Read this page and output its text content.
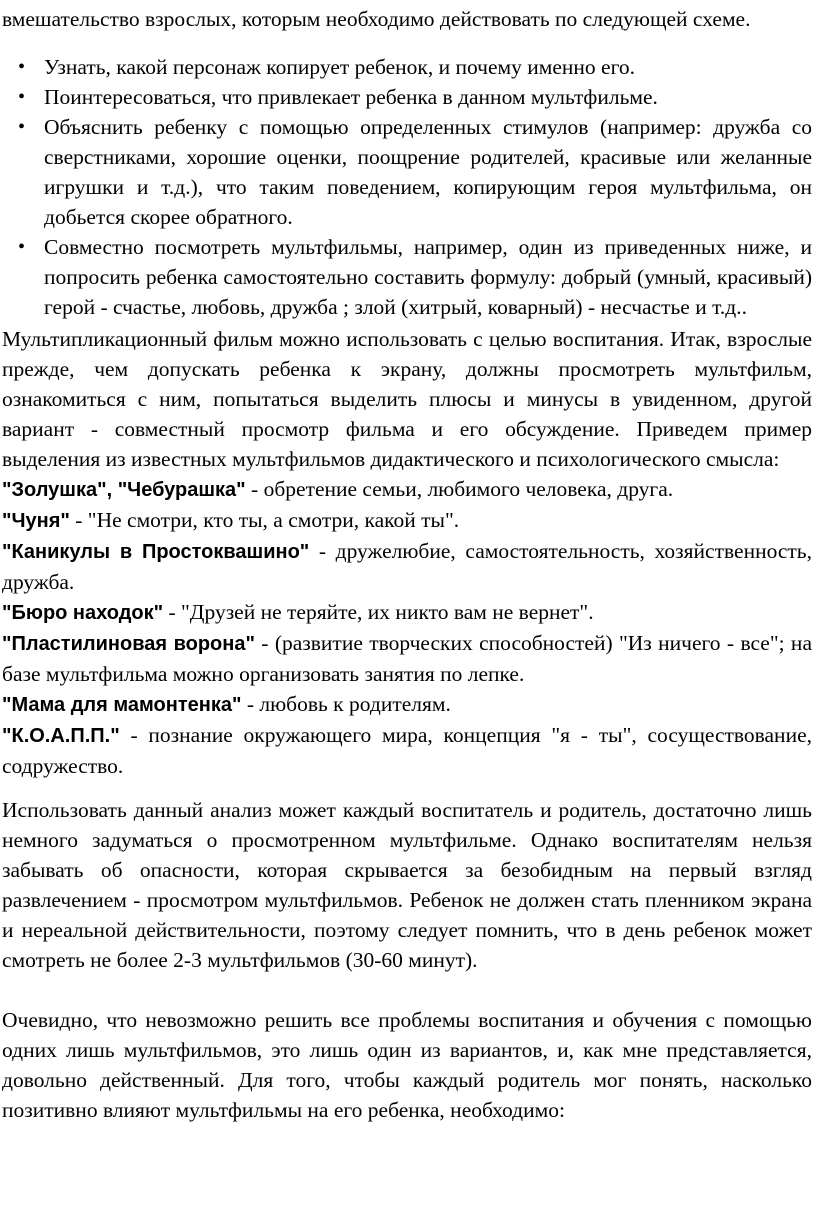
вмешательство взрослых, которым необходимо действовать по следующей схеме.

• Узнать, какой персонаж копирует ребенок, и почему именно его.
• Поинтересоваться, что привлекает ребенка в данном мультфильме.
• Объяснить ребенку с помощью определенных стимулов (например: дружба со сверстниками, хорошие оценки, поощрение родителей, красивые или желанные игрушки и т.д.), что таким поведением, копирующим героя мультфильма, он добьется скорее обратного.
• Совместно посмотреть мультфильмы, например, один из приведенных ниже, и попросить ребенка самостоятельно составить формулу: добрый (умный, красивый) герой - счастье, любовь, дружба ; злой (хитрый, коварный) - несчастье и т.д..

Мультипликационный фильм можно использовать с целью воспитания. Итак, взрослые прежде, чем допускать ребенка к экрану, должны просмотреть мультфильм, ознакомиться с ним, попытаться выделить плюсы и минусы в увиденном, другой вариант - совместный просмотр фильма и его обсуждение. Приведем пример выделения из известных мультфильмов дидактического и психологического смысла:

"Золушка", "Чебурашка" - обретение семьи, любимого человека, друга.

"Чуня" - "Не смотри, кто ты, а смотри, какой ты".

"Каникулы в Простоквашино" - дружелюбие, самостоятельность, хозяйственность, дружба.

"Бюро находок" - "Друзей не теряйте, их никто вам не вернет".

"Пластилиновая ворона" - (развитие творческих способностей) "Из ничего - все"; на базе мультфильма можно организовать занятия по лепке.

"Мама для мамонтенка" - любовь к родителям.

"К.О.А.П.П." - познание окружающего мира, концепция "я - ты", сосуществование, содружество.

Использовать данный анализ может каждый воспитатель и родитель, достаточно лишь немного задуматься о просмотренном мультфильме. Однако воспитателям нельзя забывать об опасности, которая скрывается за безобидным на первый взгляд развлечением - просмотром мультфильмов. Ребенок не должен стать пленником экрана и нереальной действительности, поэтому следует помнить, что в день ребенок может смотреть не более 2-3 мультфильмов (30-60 минут).

Очевидно, что невозможно решить все проблемы воспитания и обучения с помощью одних лишь мультфильмов, это лишь один из вариантов, и, как мне представляется, довольно действенный. Для того, чтобы каждый родитель мог понять, насколько позитивно влияют мультфильмы на его ребенка, необходимо:
